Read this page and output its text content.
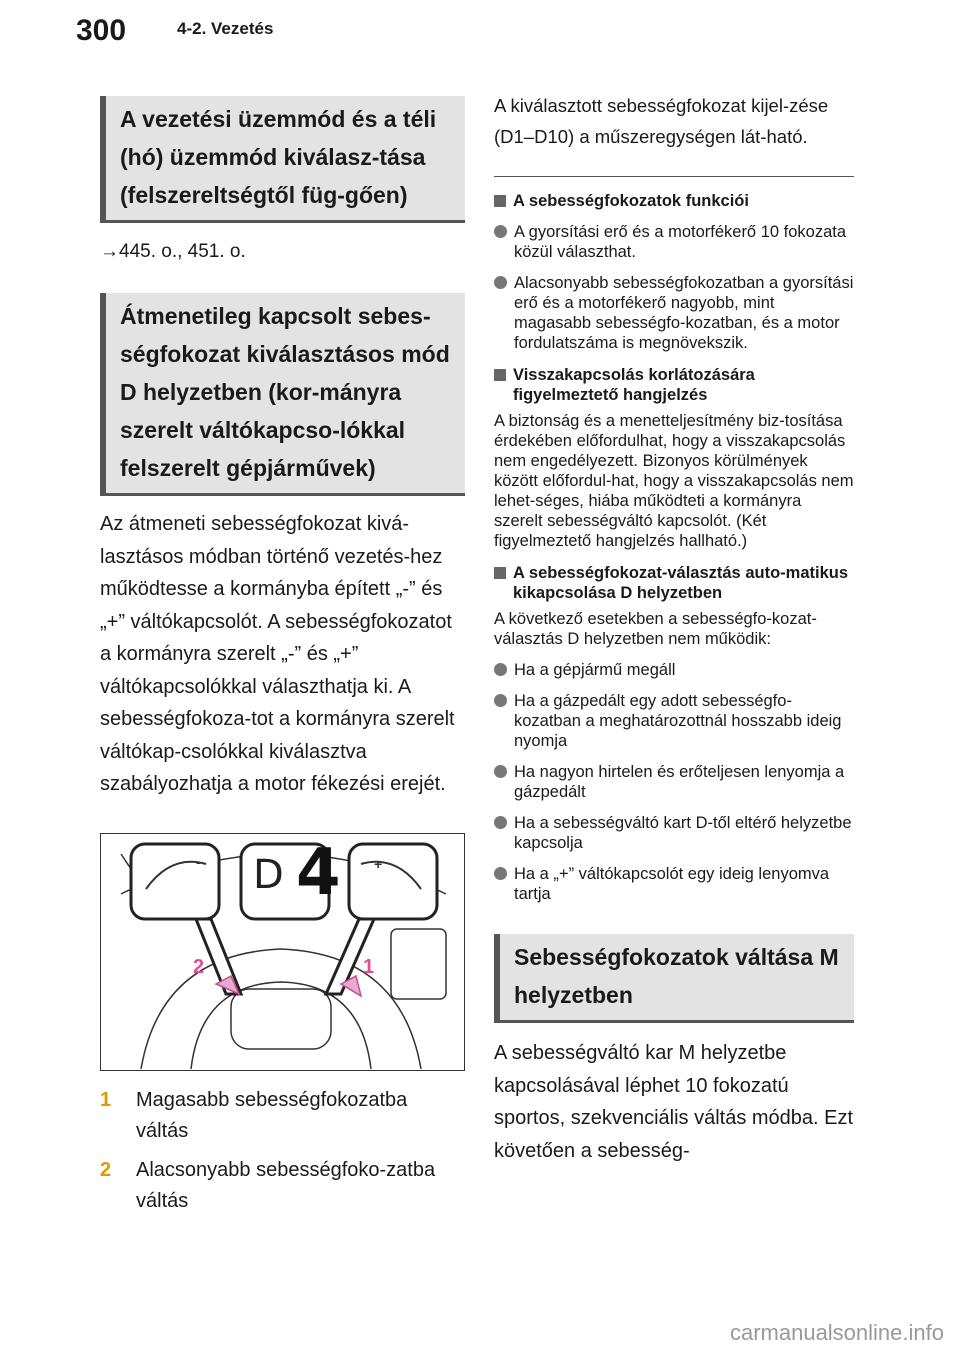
300	4-2. Vezetés
A vezetési üzemmód és a téli (hó) üzemmód kiválasz-tása (felszereltségtől füg-gően)

→445. o., 451. o.

Átmenetileg kapcsolt sebes-ségfokozat kiválasztásos mód D helyzetben (kor-mányra szerelt váltókapcso-lókkal felszerelt gépjárművek)

Az átmeneti sebességfokozat kivá-lasztásos módban történő vezetés-hez működtesse a kormányba épített „-” és „+” váltókapcsolót. A sebességfokozatot a kormányra szerelt „-” és „+” váltókapcsolókkal választhatja ki. A sebességfokoza-tot a kormányra szerelt váltókap-csolókkal kiválasztva szabályozhatja a motor fékezési erejét.

D 4
-	+
2	1
1 Magasabb sebességfokozatba váltás
2 Alacsonyabb sebességfoko-zatba váltás

A kiválasztott sebességfokozat kijel-zése (D1–D10) a műszeregységen lát-ható.

A sebességfokozatok funkciói
A gyorsítási erő és a motorfékerő 10 fokozata közül választhat.
Alacsonyabb sebességfokozatban a gyorsítási erő és a motorfékerő nagyobb, mint magasabb sebességfo-kozatban, és a motor fordulatszáma is megnövekszik.
Visszakapcsolás korlátozására figyelmeztető hangjelzés

A biztonság és a menetteljesítmény biz-tosítása érdekében előfordulhat, hogy a visszakapcsolás nem engedélyezett. Bizonyos körülmények között előfordul-hat, hogy a visszakapcsolás nem lehet-séges, hiába működteti a kormányra szerelt sebességváltó kapcsolót. (Két figyelmeztető hangjelzés hallható.)

A sebességfokozat-választás auto-matikus kikapcsolása D helyzetben

A következő esetekben a sebességfo-kozat-választás D helyzetben nem működik:

Ha a gépjármű megáll
Ha a gázpedált egy adott sebességfo-kozatban a meghatározottnál hosszabb ideig nyomja
Ha nagyon hirtelen és erőteljesen lenyomja a gázpedált
Ha a sebességváltó kart D-től eltérő helyzetbe kapcsolja
Ha a „+” váltókapcsolót egy ideig lenyomva tartja
Sebességfokozatok váltása M helyzetben

A sebességváltó kar M helyzetbe kapcsolásával léphet 10 fokozatú sportos, szekvenciális váltás módba. Ezt követően a sebesség-

carmanualsonline.info
